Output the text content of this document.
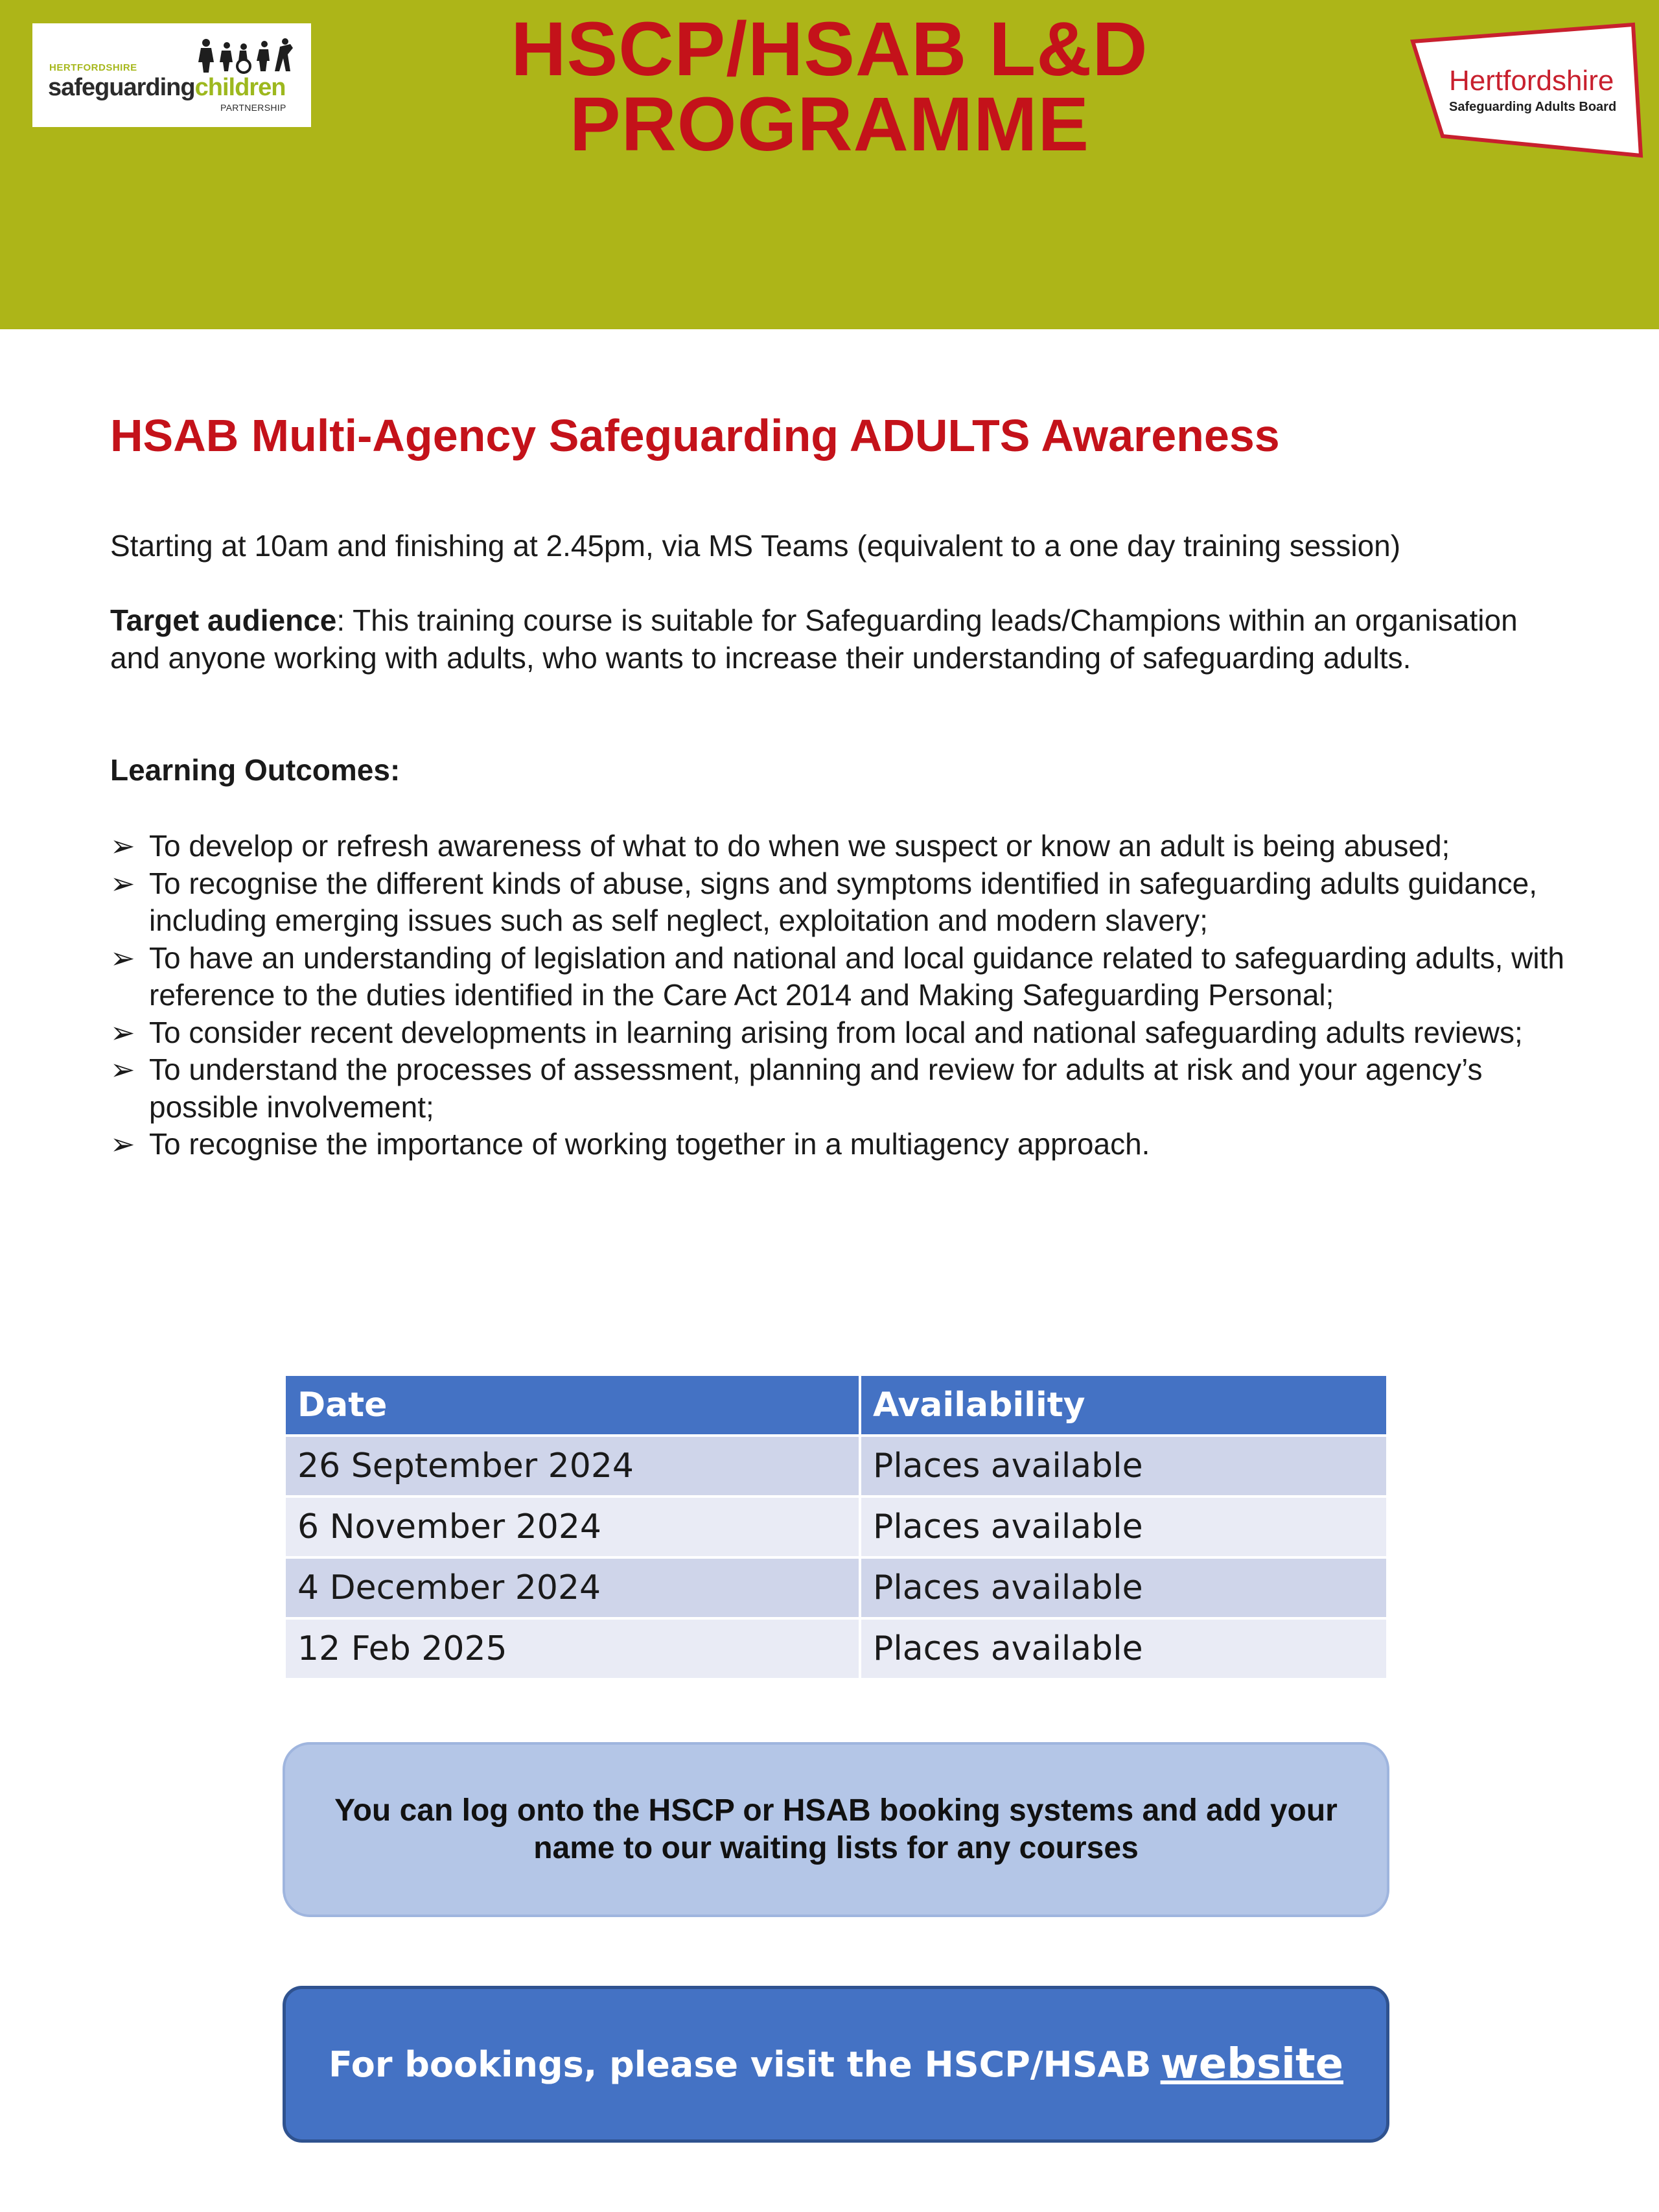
HERTFORDSHIRE
safeguardingchildren
PARTNERSHIP
HSCP/HSAB L&D
PROGRAMME
Hertfordshire
Safeguarding Adults Board
HSAB Multi-Agency Safeguarding ADULTS Awareness
Starting at 10am and finishing at 2.45pm, via MS Teams (equivalent to a one day training session)
Target audience: This training course is suitable for Safeguarding leads/Champions within an organisation and anyone working with adults, who wants to increase their understanding of safeguarding adults.
Learning Outcomes:
➢ To develop or refresh awareness of what to do when we suspect or know an adult is being abused;
➢ To recognise the different kinds of abuse, signs and symptoms identified in safeguarding adults guidance, including emerging issues such as self neglect, exploitation and modern slavery;
➢ To have an understanding of legislation and national and local guidance related to safeguarding adults, with reference to the duties identified in the Care Act 2014 and Making Safeguarding Personal;
➢ To consider recent developments in learning arising from local and national safeguarding adults reviews;
➢ To understand the processes of assessment, planning and review for adults at risk and your agency’s possible involvement;
➢ To recognise the importance of working together in a multiagency approach.
Date	Availability
26 September 2024	Places available
6 November 2024	Places available
4 December 2024	Places available
12 Feb 2025	Places available
You can log onto the HSCP or HSAB booking systems and add your name to our waiting lists for any courses
For bookings, please visit the HSCP/HSAB website
